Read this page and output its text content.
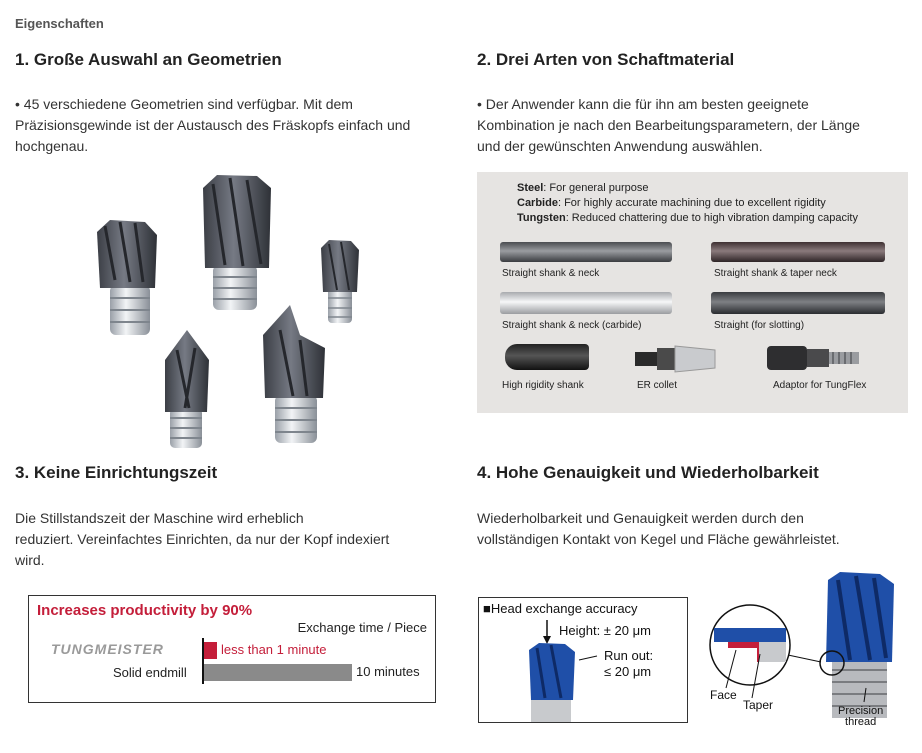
Eigenschaften
1. Große Auswahl an Geometrien

• 45 verschiedene Geometrien sind verfügbar. Mit dem
Präzisionsgewinde ist der Austausch des Fräskopfs einfach und
hochgenau.

2. Drei Arten von Schaftmaterial

• Der Anwender kann die für ihn am besten geeignete
Kombination je nach den Bearbeitungsparametern, der Länge
und der gewünschten Anwendung auswählen.

Steel: For general purpose
Carbide: For highly accurate machining due to excellent rigidity
Tungsten: Reduced chattering due to high vibration damping capacity
Straight shank & neck	Straight shank & taper neck
Straight shank & neck (carbide)	Straight (for slotting)
High rigidity shank	ER collet	Adaptor for TungFlex
3. Keine Einrichtungszeit

Die Stillstandszeit der Maschine wird erheblich
reduziert. Vereinfachtes Einrichten, da nur der Kopf indexiert
wird.

Increases productivity by 90%
Exchange time / Piece
TUNGMEISTER
Solid endmill
less than 1 minute
10 minutes
4. Hohe Genauigkeit und Wiederholbarkeit

Wiederholbarkeit und Genauigkeit werden durch den
vollständigen Kontakt von Kegel und Fläche gewährleistet.

■Head exchange accuracy
Height: ± 20 μm
Run out:
≤ 20 μm
Face
Taper	Precision
thread
